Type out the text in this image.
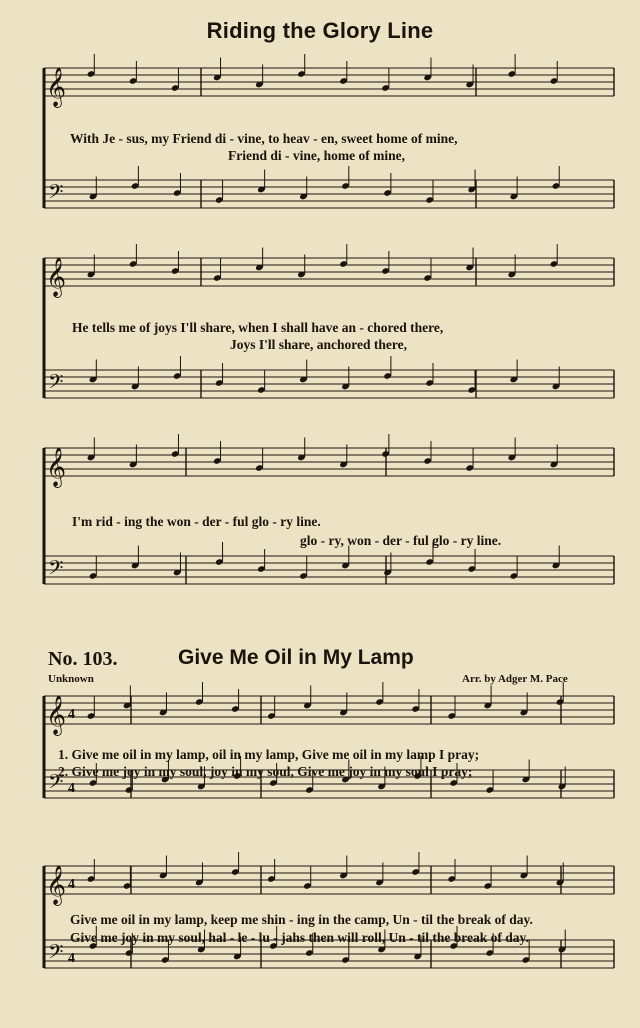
Riding the Glory Line
𝄞
𝄢
With Je - sus, my Friend di - vine, to heav - en, sweet home of mine,
Friend di - vine, home of mine,
𝄞
𝄢
He tells me of joys I'll share, when I shall have an - chored there,
Joys I'll share, anchored there,
𝄞
𝄢
I'm rid - ing the won - der - ful glo - ry line.
glo - ry, won - der - ful glo - ry line.
No. 103.	Give Me Oil in My Lamp
Unknown	Arr. by Adger M. Pace
𝄞
𝄢
4
4
1. Give me oil in my lamp, oil in my lamp, Give me oil in my lamp I pray;
2. Give me joy in my soul, joy in my soul, Give me joy in my soul I pray;
𝄞
𝄢
4
4
Give me oil in my lamp, keep me shin - ing in the camp, Un - til the break of day.
Give me joy in my soul, hal - le - lu - jahs then will roll, Un - til the break of day.
